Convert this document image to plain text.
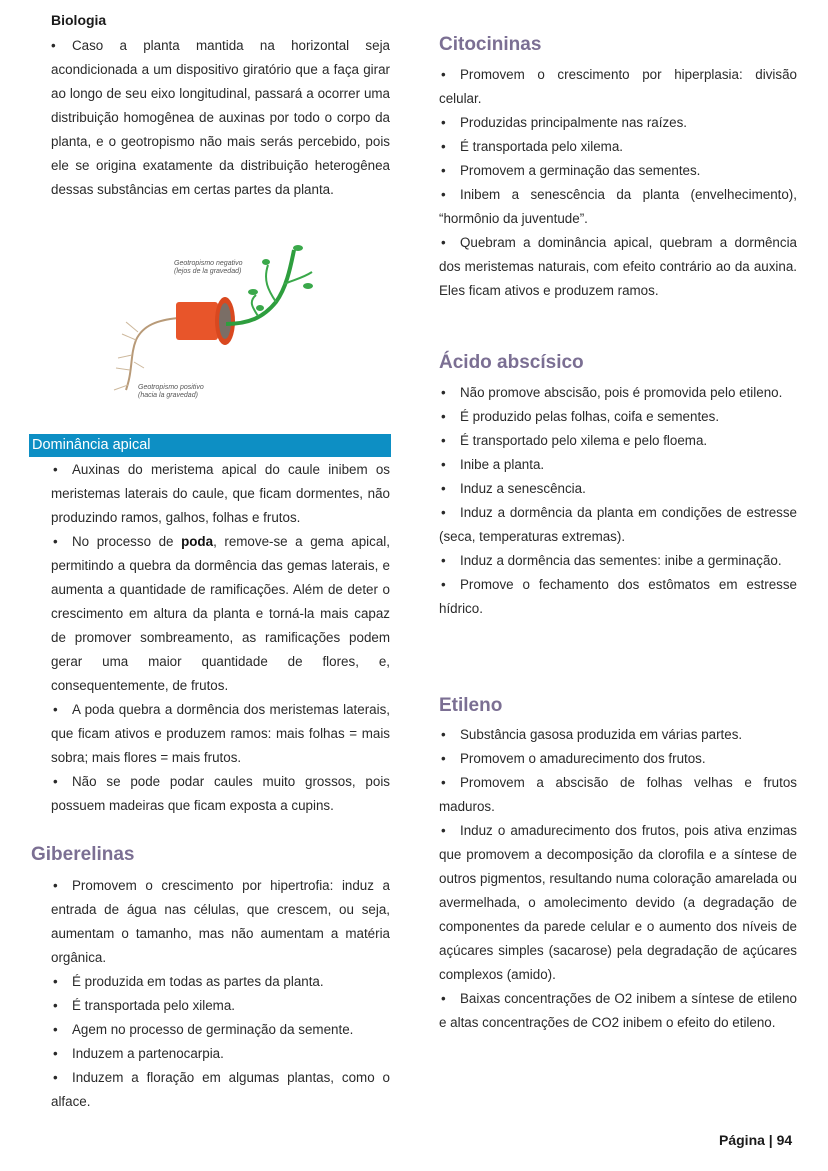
Biologia

• Caso a planta mantida na horizontal seja acondicionada a um dispositivo giratório que a faça girar ao longo de seu eixo longitudinal, passará a ocorrer uma distribuição homogênea de auxinas por todo o corpo da planta, e o geotropismo não mais serás percebido, pois ele se origina exatamente da distribuição heterogênea dessas substâncias em certas partes da planta.

Geotropismo negativo
(lejos de la gravedad)
Geotropismo positivo
(hacia la gravedad)
Dominância apical

• Auxinas do meristema apical do caule inibem os meristemas laterais do caule, que ficam dormentes, não produzindo ramos, galhos, folhas e frutos.

• No processo de poda, remove-se a gema apical, permitindo a quebra da dormência das gemas laterais, e aumenta a quantidade de ramificações. Além de deter o crescimento em altura da planta e torná-la mais capaz de promover sombreamento, as ramificações podem gerar uma maior quantidade de flores, e, consequentemente, de frutos.

• A poda quebra a dormência dos meristemas laterais, que ficam ativos e produzem ramos: mais folhas = mais sobra; mais flores = mais frutos.

• Não se pode podar caules muito grossos, pois possuem madeiras que ficam exposta a cupins.

Giberelinas

• Promovem o crescimento por hipertrofia: induz a entrada de água nas células, que crescem, ou seja, aumentam o tamanho, mas não aumentam a matéria orgânica.

• É produzida em todas as partes da planta.

• É transportada pelo xilema.

• Agem no processo de germinação da semente.

• Induzem a partenocarpia.

• Induzem a floração em algumas plantas, como o alface.

Citocininas

• Promovem o crescimento por hiperplasia: divisão celular.

• Produzidas principalmente nas raízes.

• É transportada pelo xilema.

• Promovem a germinação das sementes.

• Inibem a senescência da planta (envelhecimento), “hormônio da juventude”.

• Quebram a dominância apical, quebram a dormência dos meristemas naturais, com efeito contrário ao da auxina. Eles ficam ativos e produzem ramos.

Ácido abscísico

• Não promove abscisão, pois é promovida pelo etileno.

• É produzido pelas folhas, coifa e sementes.

• É transportado pelo xilema e pelo floema.

• Inibe a planta.

• Induz a senescência.

• Induz a dormência da planta em condições de estresse (seca, temperaturas extremas).

• Induz a dormência das sementes: inibe a germinação.

• Promove o fechamento dos estômatos em estresse hídrico.

Etileno

• Substância gasosa produzida em várias partes.

• Promovem o amadurecimento dos frutos.

• Promovem a abscisão de folhas velhas e frutos maduros.

• Induz o amadurecimento dos frutos, pois ativa enzimas que promovem a decomposição da clorofila e a síntese de outros pigmentos, resultando numa coloração amarelada ou avermelhada, o amolecimento devido (a degradação de componentes da parede celular e o aumento dos níveis de açúcares simples (sacarose) pela degradação de açúcares complexos (amido).

• Baixas concentrações de O2 inibem a síntese de etileno e altas concentrações de CO2 inibem o efeito do etileno.

Página | 94
